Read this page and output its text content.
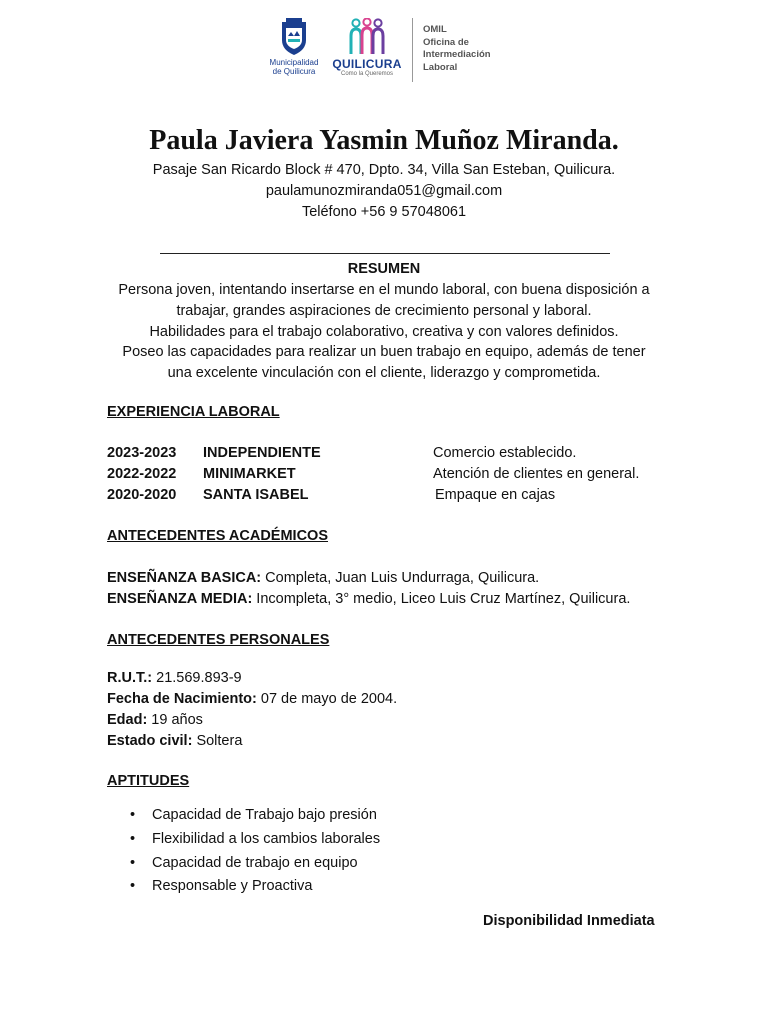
Municipalidad
de Quilicura
QUILICURA
Como la Queremos
OMIL
Oficina de
Intermediación
Laboral
Paula Javiera Yasmin Muñoz Miranda.
Pasaje San Ricardo Block # 470, Dpto. 34, Villa San Esteban, Quilicura.
paulamunozmiranda051@gmail.com
Teléfono +56 9 57048061
RESUMEN
Persona joven, intentando insertarse en el mundo laboral, con buena disposición a
trabajar, grandes aspiraciones de crecimiento personal y laboral.
Habilidades para el trabajo colaborativo, creativa y con valores definidos.
Poseo las capacidades para realizar un buen trabajo en equipo, además de tener
una excelente vinculación con el cliente, liderazgo y comprometida.
EXPERIENCIA LABORAL
2023-2023 INDEPENDIENTE	Comercio establecido.
2022-2022 MINIMARKET	Atención de clientes en general.
2020-2020 SANTA ISABEL	Empaque en cajas
ANTECEDENTES ACADÉMICOS
ENSEÑANZA BASICA: Completa, Juan Luis Undurraga, Quilicura.
ENSEÑANZA MEDIA: Incompleta, 3° medio, Liceo Luis Cruz Martínez, Quilicura.
ANTECEDENTES PERSONALES
R.U.T.: 21.569.893-9
Fecha de Nacimiento: 07 de mayo de 2004.
Edad: 19 años
Estado civil: Soltera
APTITUDES
• Capacidad de Trabajo bajo presión
• Flexibilidad a los cambios laborales
• Capacidad de trabajo en equipo
• Responsable y Proactiva
Disponibilidad Inmediata
